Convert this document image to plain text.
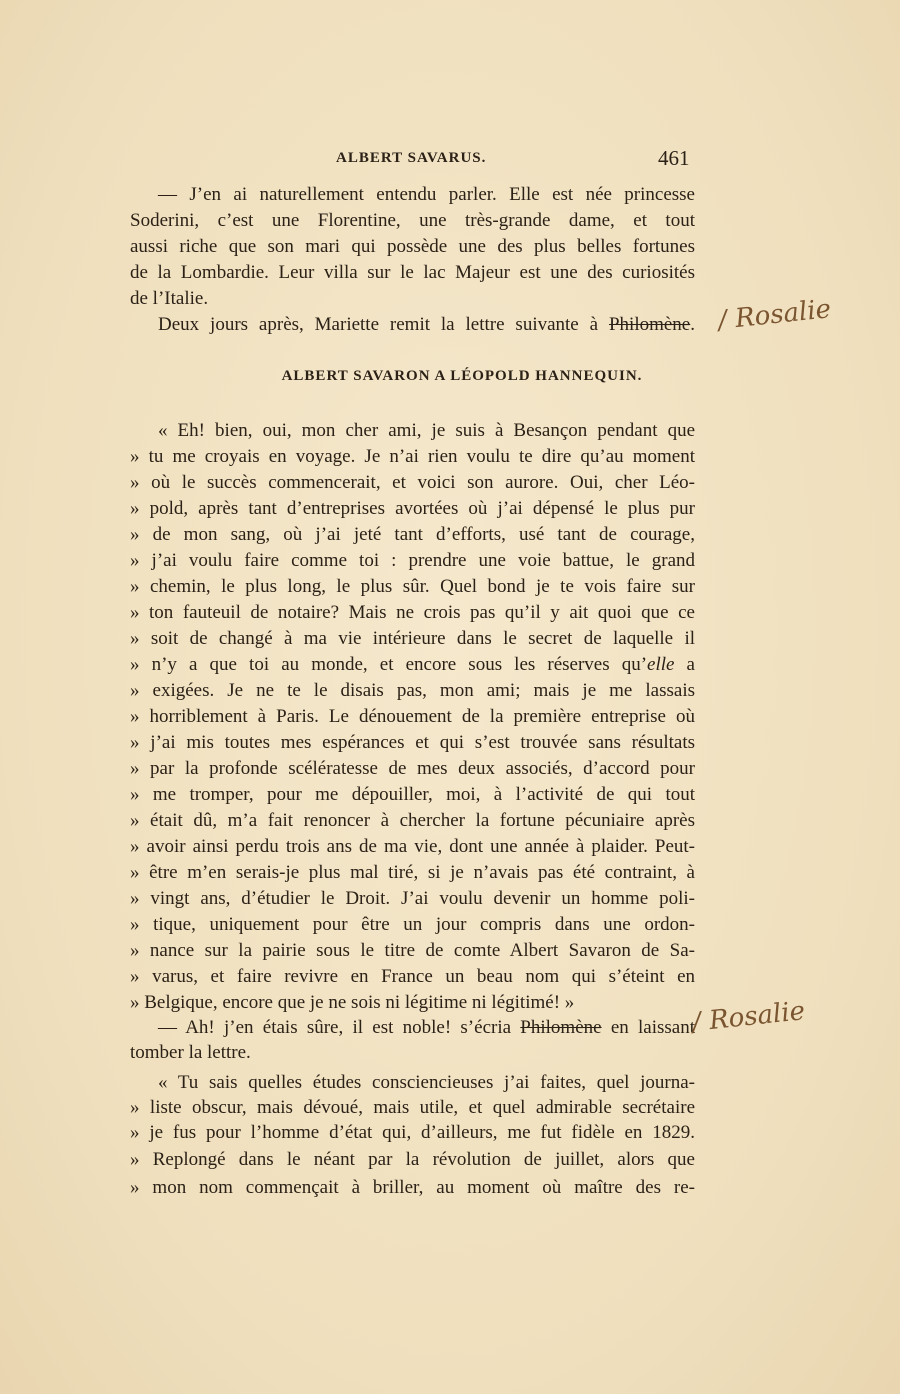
ALBERT SAVARUS.	461
ALBERT SAVARON A LÉOPOLD HANNEQUIN.
— J’en ai naturellement entendu parler. Elle est née princesse
Soderini, c’est une Florentine, une très-grande dame, et tout
aussi riche que son mari qui possède une des plus belles fortunes
de la Lombardie. Leur villa sur le lac Majeur est une des curiosités
de l’Italie.
Deux jours après, Mariette remit la lettre suivante à Philomène.
« Eh! bien, oui, mon cher ami, je suis à Besançon pendant que
» tu me croyais en voyage. Je n’ai rien voulu te dire qu’au moment
» où le succès commencerait, et voici son aurore. Oui, cher Léo-
» pold, après tant d’entreprises avortées où j’ai dépensé le plus pur
» de mon sang, où j’ai jeté tant d’efforts, usé tant de courage,
» j’ai voulu faire comme toi : prendre une voie battue, le grand
» chemin, le plus long, le plus sûr. Quel bond je te vois faire sur
» ton fauteuil de notaire? Mais ne crois pas qu’il y ait quoi que ce
» soit de changé à ma vie intérieure dans le secret de laquelle il
» n’y a que toi au monde, et encore sous les réserves qu’elle a
» exigées. Je ne te le disais pas, mon ami; mais je me lassais
» horriblement à Paris. Le dénouement de la première entreprise où
» j’ai mis toutes mes espérances et qui s’est trouvée sans résultats
» par la profonde scélératesse de mes deux associés, d’accord pour
» me tromper, pour me dépouiller, moi, à l’activité de qui tout
» était dû, m’a fait renoncer à chercher la fortune pécuniaire après
» avoir ainsi perdu trois ans de ma vie, dont une année à plaider. Peut-
» être m’en serais-je plus mal tiré, si je n’avais pas été contraint, à
» vingt ans, d’étudier le Droit. J’ai voulu devenir un homme poli-
» tique, uniquement pour être un jour compris dans une ordon-
» nance sur la pairie sous le titre de comte Albert Savaron de Sa-
» varus, et faire revivre en France un beau nom qui s’éteint en
» Belgique, encore que je ne sois ni légitime ni légitimé! »
— Ah! j’en étais sûre, il est noble! s’écria Philomène en laissant
tomber la lettre.
« Tu sais quelles études consciencieuses j’ai faites, quel journa-
» liste obscur, mais dévoué, mais utile, et quel admirable secrétaire
» je fus pour l’homme d’état qui, d’ailleurs, me fut fidèle en 1829.
» Replongé dans le néant par la révolution de juillet, alors que
» mon nom commençait à briller, au moment où maître des re-
/ Rosalie
/ Rosalie
